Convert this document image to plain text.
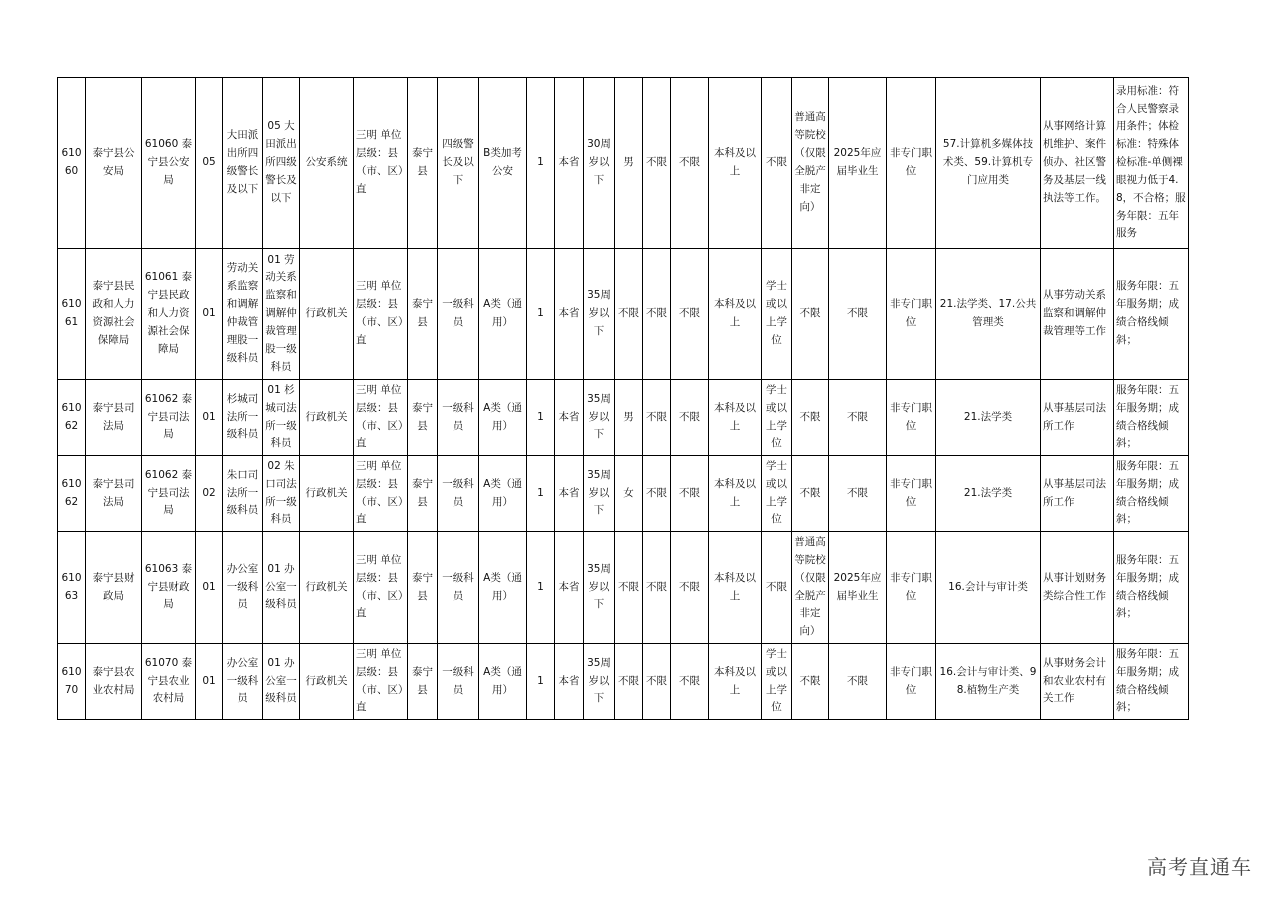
61060	泰宁县公安局	61060 泰宁县公安局	05	大田派出所四级警长及以下	05 大田派出所四级警长及以下	公安系统	三明 单位层级：县（市、区）直	泰宁县	四级警长及以下	B类加考公安	1	本省	30周岁以下	男	不限	不限	本科及以上	不限	普通高等院校（仅限全脱产非定向）	2025年应届毕业生	非专门职位	57.计算机多媒体技术类、59.计算机专门应用类	从事网络计算机维护、案件侦办、社区警务及基层一线执法等工作。	录用标准：符合人民警察录用条件；体检标准：特殊体检标准-单侧裸眼视力低于4.8，不合格；服务年限：五年服务
61061	泰宁县民政和人力资源社会保障局	61061 泰宁县民政和人力资源社会保障局	01	劳动关系监察和调解仲裁管理股一级科员	01 劳动关系监察和调解仲裁管理股一级科员	行政机关	三明 单位层级：县（市、区）直	泰宁县	一级科员	A类（通用）	1	本省	35周岁以下	不限	不限	不限	本科及以上	学士或以上学位	不限	不限	非专门职位	21.法学类、17.公共管理类	从事劳动关系监察和调解仲裁管理等工作	服务年限：五年服务期；成绩合格线倾斜；
61062	泰宁县司法局	61062 泰宁县司法局	01	杉城司法所一级科员	01 杉城司法所一级科员	行政机关	三明 单位层级：县（市、区）直	泰宁县	一级科员	A类（通用）	1	本省	35周岁以下	男	不限	不限	本科及以上	学士或以上学位	不限	不限	非专门职位	21.法学类	从事基层司法所工作	服务年限：五年服务期；成绩合格线倾斜；
61062	泰宁县司法局	61062 泰宁县司法局	02	朱口司法所一级科员	02 朱口司法所一级科员	行政机关	三明 单位层级：县（市、区）直	泰宁县	一级科员	A类（通用）	1	本省	35周岁以下	女	不限	不限	本科及以上	学士或以上学位	不限	不限	非专门职位	21.法学类	从事基层司法所工作	服务年限：五年服务期；成绩合格线倾斜；
61063	泰宁县财政局	61063 泰宁县财政局	01	办公室一级科员	01 办公室一级科员	行政机关	三明 单位层级：县（市、区）直	泰宁县	一级科员	A类（通用）	1	本省	35周岁以下	不限	不限	不限	本科及以上	不限	普通高等院校（仅限全脱产非定向）	2025年应届毕业生	非专门职位	16.会计与审计类	从事计划财务类综合性工作	服务年限：五年服务期；成绩合格线倾斜；
61070	泰宁县农业农村局	61070 泰宁县农业农村局	01	办公室一级科员	01 办公室一级科员	行政机关	三明 单位层级：县（市、区）直	泰宁县	一级科员	A类（通用）	1	本省	35周岁以下	不限	不限	不限	本科及以上	学士或以上学位	不限	不限	非专门职位	16.会计与审计类、98.植物生产类	从事财务会计和农业农村有关工作	服务年限：五年服务期；成绩合格线倾斜；
高考直通车
